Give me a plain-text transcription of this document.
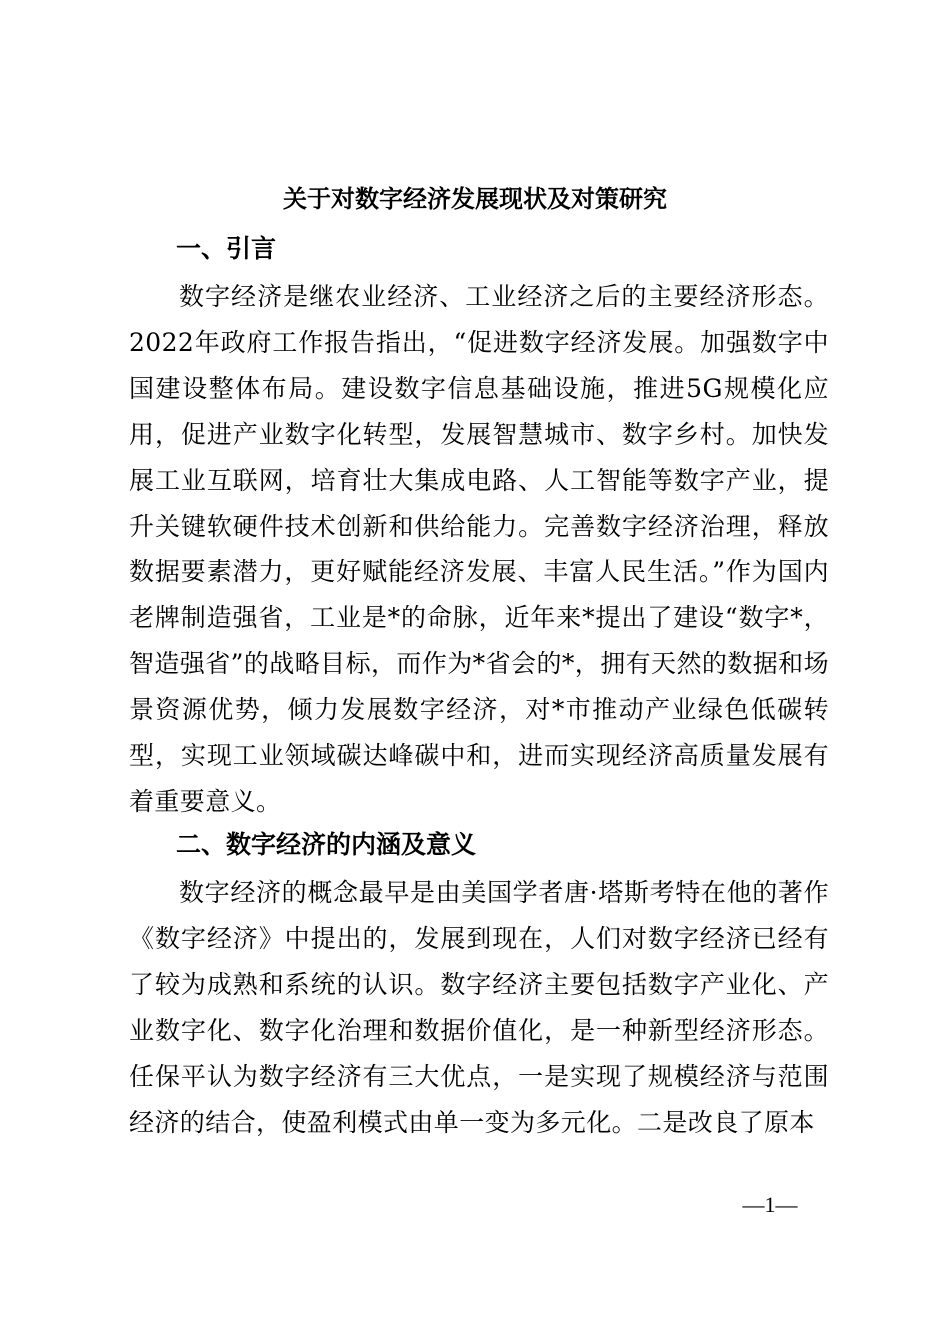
关于对数字经济发展现状及对策研究
一、引言
数字经济是继农业经济、工业经济之后的主要经济形态。2022年政府工作报告指出，“促进数字经济发展。加强数字中国建设整体布局。建设数字信息基础设施，推进5G规模化应用，促进产业数字化转型，发展智慧城市、数字乡村。加快发展工业互联网，培育壮大集成电路、人工智能等数字产业，提升关键软硬件技术创新和供给能力。完善数字经济治理，释放数据要素潜力，更好赋能经济发展、丰富人民生活。”作为国内老牌制造强省，工业是*的命脉，近年来*提出了建设“数字*，智造强省”的战略目标，而作为*省会的*，拥有天然的数据和场景资源优势，倾力发展数字经济，对*市推动产业绿色低碳转型，实现工业领域碳达峰碳中和，进而实现经济高质量发展有着重要意义。
二、数字经济的内涵及意义
数字经济的概念最早是由美国学者唐·塔斯考特在他的著作《数字经济》中提出的，发展到现在，人们对数字经济已经有了较为成熟和系统的认识。数字经济主要包括数字产业化、产业数字化、数字化治理和数据价值化，是一种新型经济形态。任保平认为数字经济有三大优点，一是实现了规模经济与范围经济的结合，使盈利模式由单一变为多元化。二是改良了原本
—1—
